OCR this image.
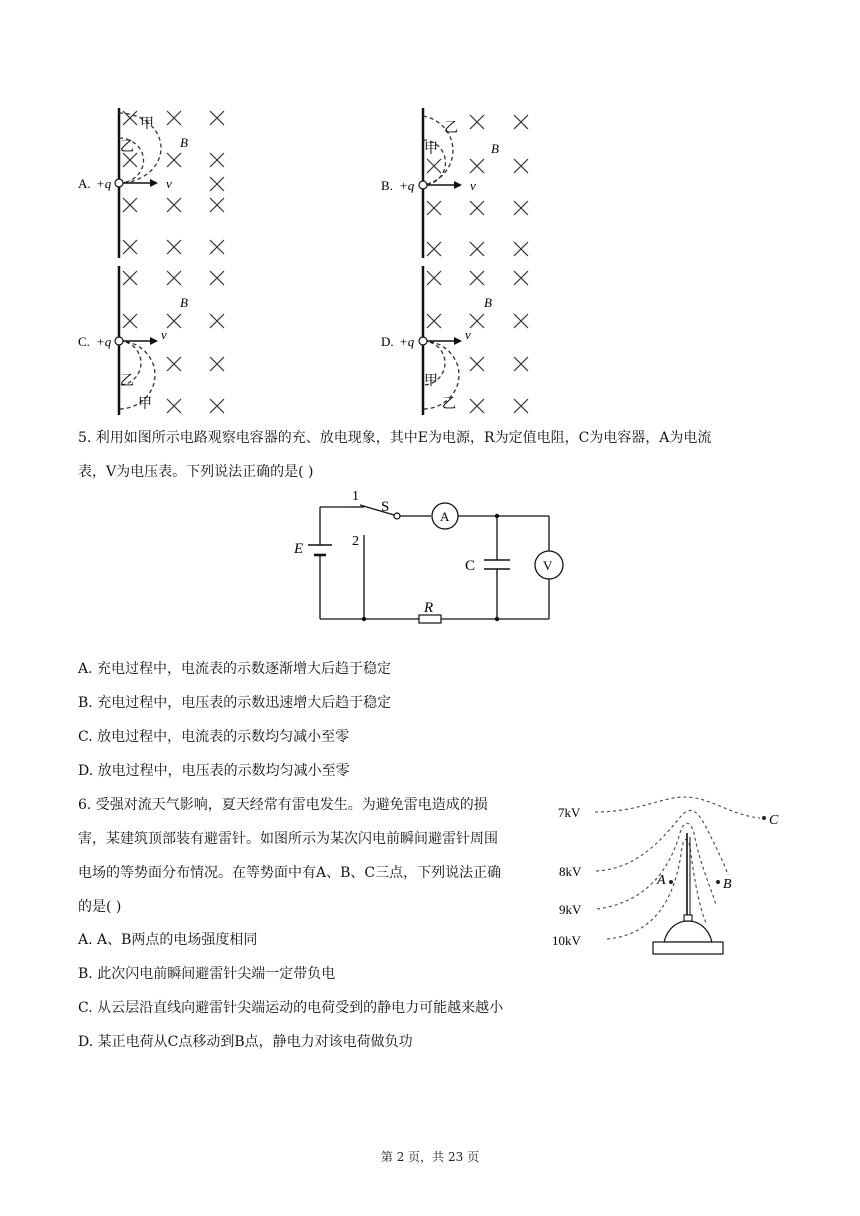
A. +q	v
B
甲
乙
B. +q	v
B
乙
甲
C. +q	v
B
乙
甲
D. +q	v
B
甲
乙
5. 利用如图所示电路观察电容器的充、放电现象，其中E为电源，R为定值电阻，C为电容器，A为电流
表，V为电压表。下列说法正确的是( )
1
2
S
A
E
C	V
R
A. 充电过程中，电流表的示数逐渐增大后趋于稳定
B. 充电过程中，电压表的示数迅速增大后趋于稳定
C. 放电过程中，电流表的示数均匀减小至零
D. 放电过程中，电压表的示数均匀减小至零
6. 受强对流天气影响，夏天经常有雷电发生。为避免雷电造成的损
害，某建筑顶部装有避雷针。如图所示为某次闪电前瞬间避雷针周围
电场的等势面分布情况。在等势面中有A、B、C三点，下列说法正确
的是( )
A. A、B两点的电场强度相同
B. 此次闪电前瞬间避雷针尖端一定带负电
C. 从云层沿直线向避雷针尖端运动的电荷受到的静电力可能越来越小
D. 某正电荷从C点移动到B点，静电力对该电荷做负功
7kV
8kV
9kV
10kV
A	B
C
第 2 页，共 23 页
